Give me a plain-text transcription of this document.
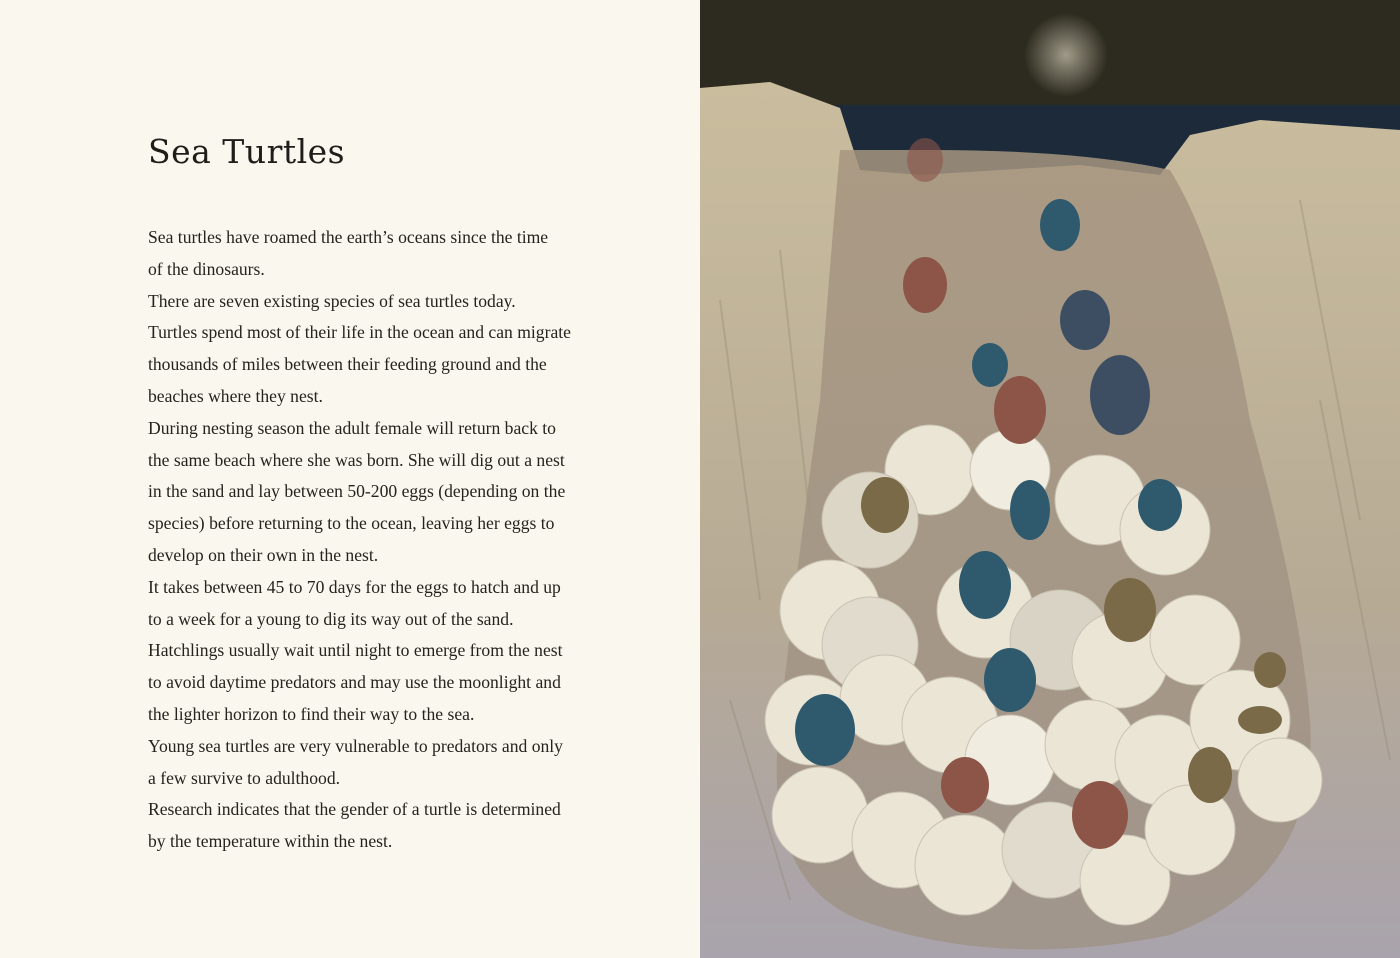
Sea Turtles
Sea turtles have roamed the earth’s oceans since the time
of the dinosaurs.
There are seven existing species of sea turtles today.
Turtles spend most of their life in the ocean and can migrate
thousands of miles between their feeding ground and the
beaches where they nest.
During nesting season the adult female will return back to
the same beach where she was born. She will dig out a nest
in the sand and lay between 50-200 eggs (depending on the
species) before returning to the ocean, leaving her eggs to
develop on their own in the nest.
It takes between 45 to 70 days for the eggs to hatch and up
to a week for a young to dig its way out of the sand.
Hatchlings usually wait until night to emerge from the nest
to avoid daytime predators and may use the moonlight and
the lighter horizon to find their way to the sea.
Young sea turtles are very vulnerable to predators and only
a few survive to adulthood.
Research indicates that the gender of a turtle is determined
by the temperature within the nest.
